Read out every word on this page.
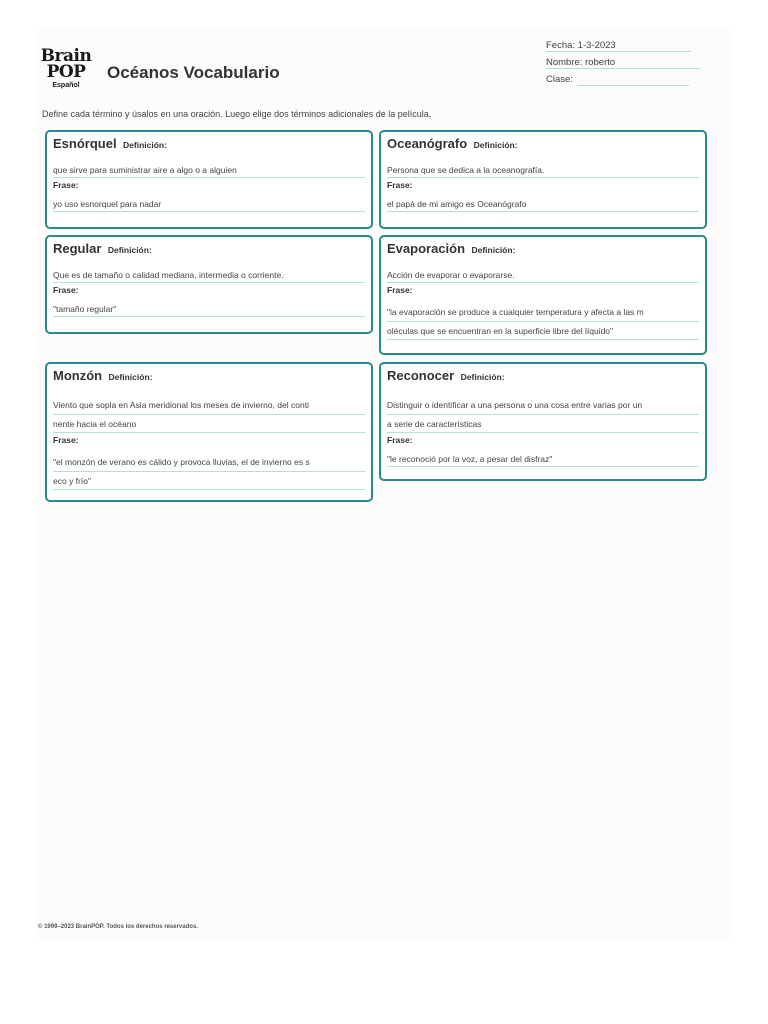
Brain
POP
Español
Océanos Vocabulario
Fecha: 1-3-2023
Nombre: roberto
Clase:
Define cada término y úsalos en una oración. Luego elige dos términos adicionales de la película.
Esnórquel Definición:
que sirve para suministrar aire a algo o a alguien
Frase:
yo uso esnorquel para nadar
Oceanógrafo Definición:
Persona que se dedica a la oceanografía.
Frase:
el papá de mi amigo es Oceanógrafo
Regular Definición:
Que es de tamaño o calidad mediana, intermedia o corriente.
Frase:
"tamaño regular"
Evaporación Definición:
Acción de evaporar o evaporarse.
Frase:
"la evaporación se produce a cualquier temperatura y afecta a las m
oléculas que se encuentran en la superficie libre del líquido"
Monzón Definición:
Viento que sopla en Asia meridional los meses de invierno, del conti
nente hacia el océano
Frase:
"el monzón de verano es cálido y provoca lluvias, el de invierno es s
eco y frío"
Reconocer Definición:
Distinguir o identificar a una persona o una cosa entre varias por un
a serie de características
Frase:
"le reconoció por la voz, a pesar del disfraz"
© 1999–2023 BrainPOP. Todos los derechos reservados.
